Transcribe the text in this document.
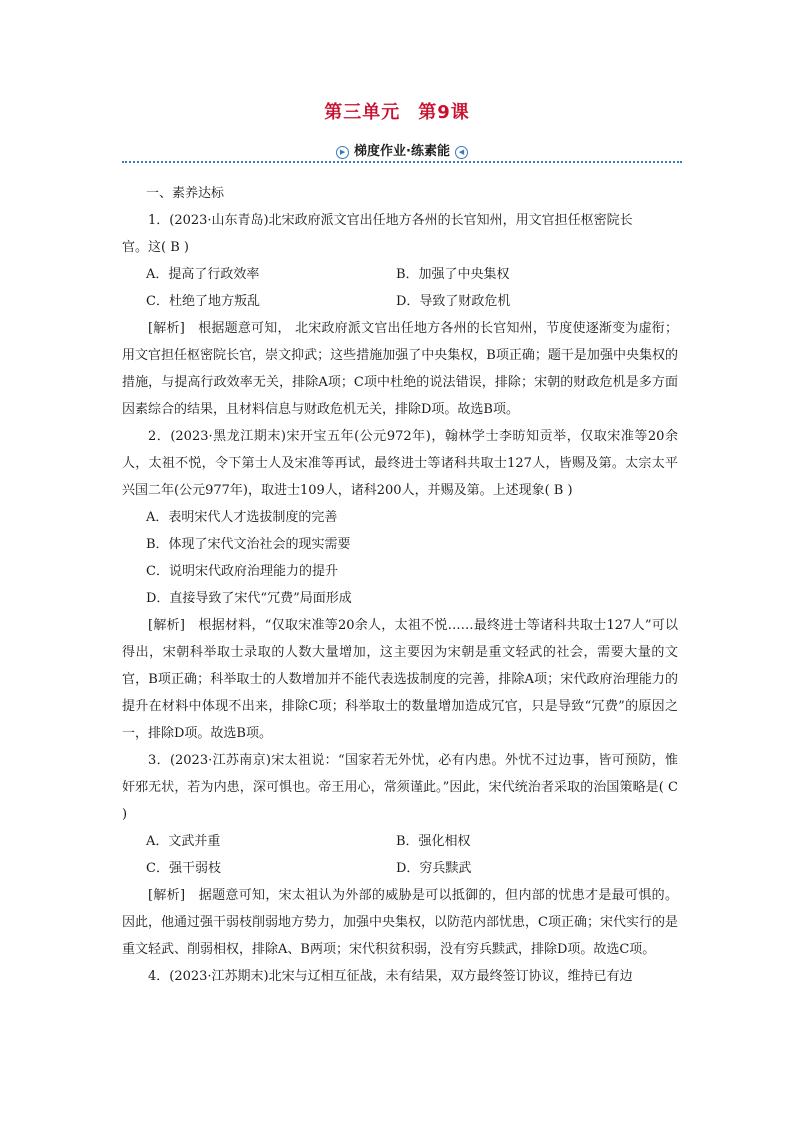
第三单元 第9课
▶ 梯度作业·练素能 ◀
一、素养达标

1．(2023·山东青岛)北宋政府派文官出任地方各州的长官知州，用文官担任枢密院长

官。这( B )

A．提高了行政效率	B．加强了中央集权
C．杜绝了地方叛乱	D．导致了财政危机

[解析]　根据题意可知， 北宋政府派文官出任地方各州的长官知州，节度使逐渐变为虚衔；用文官担任枢密院长官，崇文抑武；这些措施加强了中央集权，B项正确；题干是加强中央集权的措施，与提高行政效率无关，排除A项；C项中杜绝的说法错误，排除；宋朝的财政危机是多方面因素综合的结果，且材料信息与财政危机无关，排除D项。故选B项。

2．(2023·黑龙江期末)宋开宝五年(公元972年)，翰林学士李昉知贡举，仅取宋准等20余人，太祖不悦，令下第士人及宋准等再试，最终进士等诸科共取士127人，皆赐及第。太宗太平兴国二年(公元977年)，取进士109人，诸科200人，并赐及第。上述现象( B )

A．表明宋代人才选拔制度的完善
B．体现了宋代文治社会的现实需要
C．说明宋代政府治理能力的提升
D．直接导致了宋代“冗费”局面形成

[解析]　根据材料，“仅取宋准等20余人，太祖不悦……最终进士等诸科共取士127人”可以得出，宋朝科举取士录取的人数大量增加，这主要因为宋朝是重文轻武的社会，需要大量的文官，B项正确；科举取士的人数增加并不能代表选拔制度的完善，排除A项；宋代政府治理能力的提升在材料中体现不出来，排除C项；科举取士的数量增加造成冗官，只是导致“冗费”的原因之一，排除D项。故选B项。

3．(2023·江苏南京)宋太祖说：“国家若无外忧，必有内患。外忧不过边事，皆可预防，惟奸邪无状，若为内患，深可惧也。帝王用心，常须谨此。”因此，宋代统治者采取的治国策略是( C )

A．文武并重	B．强化相权
C．强干弱枝	D．穷兵黩武

[解析]　据题意可知，宋太祖认为外部的威胁是可以抵御的，但内部的忧患才是最可惧的。因此，他通过强干弱枝削弱地方势力，加强中央集权，以防范内部忧患，C项正确；宋代实行的是重文轻武、削弱相权，排除A、B两项；宋代积贫积弱，没有穷兵黩武，排除D项。故选C项。

4．(2023·江苏期末)北宋与辽相互征战，未有结果，双方最终签订协议，维持已有边
